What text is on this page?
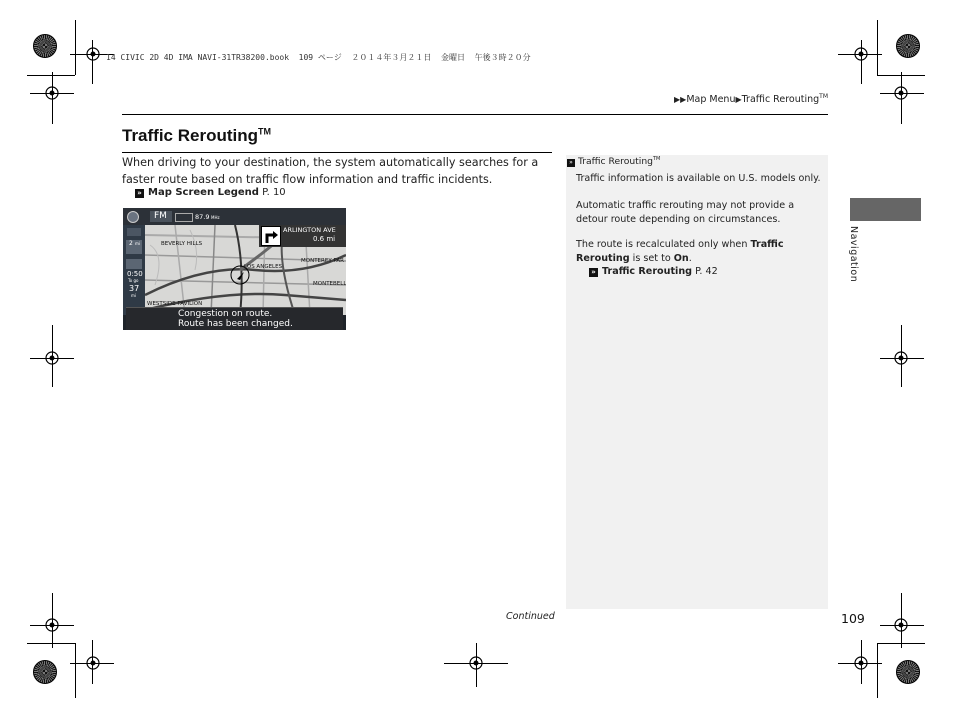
14 CIVIC 2D 4D IMA NAVI-31TR38200.book  109 ページ  ２０１４年３月２１日  金曜日  午後３時２０分
▶▶Map Menu▶Traffic Rerouting™
Traffic Rerouting™
When driving to your destination, the system automatically searches for a faster route based on traffic flow information and traffic incidents.
» Map Screen Legend P. 10
FM	87.9 MHz
BEVERLY HILLS
MONTEREY PAR
MONTEBELL
LOS ANGELES
WESTSIDE PAVILION
2 mi
0:50
To go
37
mi
ARLINGTON AVE
0.6 mi
Congestion on route.
Route has been changed.
» Traffic Rerouting™
Traffic information is available on U.S. models only.
Automatic traffic rerouting may not provide a detour route depending on circumstances.
The route is recalculated only when Traffic Rerouting is set to On.
» Traffic Rerouting P. 42	Navigation
Continued	109
